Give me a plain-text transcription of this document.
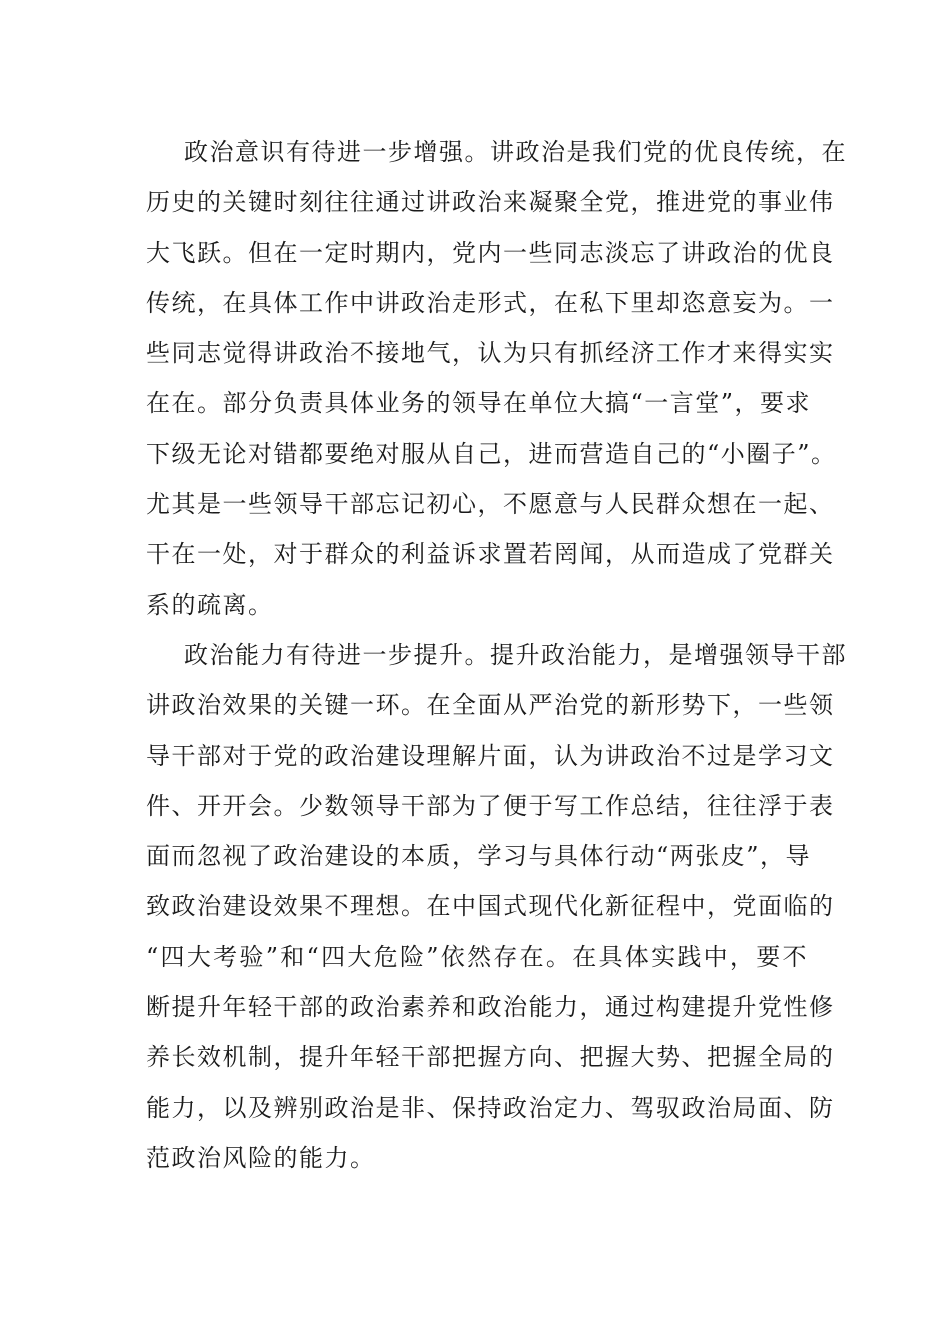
政治意识有待进一步增强。讲政治是我们党的优良传统，在
历史的关键时刻往往通过讲政治来凝聚全党，推进党的事业伟
大飞跃。但在一定时期内，党内一些同志淡忘了讲政治的优良
传统，在具体工作中讲政治走形式，在私下里却恣意妄为。一
些同志觉得讲政治不接地气，认为只有抓经济工作才来得实实
在在。部分负责具体业务的领导在单位大搞“一言堂”，要求
下级无论对错都要绝对服从自己，进而营造自己的“小圈子”。
尤其是一些领导干部忘记初心，不愿意与人民群众想在一起、
干在一处，对于群众的利益诉求置若罔闻，从而造成了党群关
系的疏离。
政治能力有待进一步提升。提升政治能力，是增强领导干部
讲政治效果的关键一环。在全面从严治党的新形势下，一些领
导干部对于党的政治建设理解片面，认为讲政治不过是学习文
件、开开会。少数领导干部为了便于写工作总结，往往浮于表
面而忽视了政治建设的本质，学习与具体行动“两张皮”，导
致政治建设效果不理想。在中国式现代化新征程中，党面临的
“四大考验”和“四大危险”依然存在。在具体实践中，要不
断提升年轻干部的政治素养和政治能力，通过构建提升党性修
养长效机制，提升年轻干部把握方向、把握大势、把握全局的
能力，以及辨别政治是非、保持政治定力、驾驭政治局面、防
范政治风险的能力。
